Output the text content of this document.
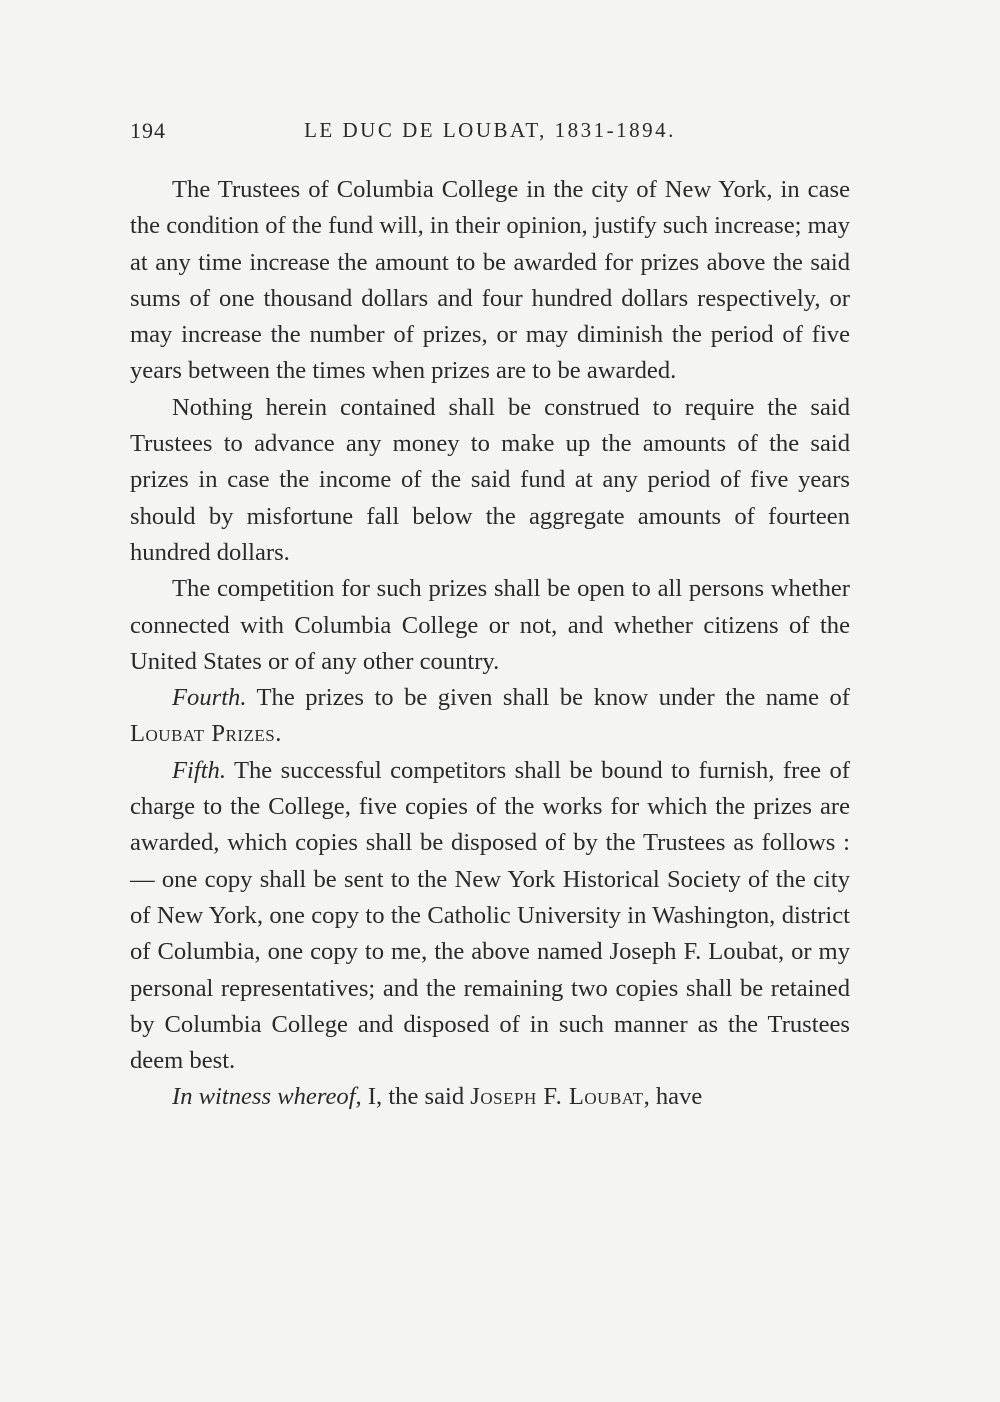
194	LE DUC DE LOUBAT, 1831-1894.

The Trustees of Columbia College in the city of New York, in case the condition of the fund will, in their opinion, justify such increase; may at any time increase the amount to be awarded for prizes above the said sums of one thousand dollars and four hundred dollars respectively, or may increase the number of prizes, or may diminish the period of five years between the times when prizes are to be awarded.

Nothing herein contained shall be construed to require the said Trustees to advance any money to make up the amounts of the said prizes in case the income of the said fund at any period of five years should by misfortune fall below the aggregate amounts of fourteen hundred dollars.

The competition for such prizes shall be open to all persons whether connected with Columbia College or not, and whether citizens of the United States or of any other country.

Fourth. The prizes to be given shall be know under the name of Loubat Prizes.

Fifth. The successful competitors shall be bound to furnish, free of charge to the College, five copies of the works for which the prizes are awarded, which copies shall be disposed of by the Trustees as follows : — one copy shall be sent to the New York Historical Society of the city of New York, one copy to the Catholic University in Washington, district of Columbia, one copy to me, the above named Joseph F. Loubat, or my personal representatives; and the remaining two copies shall be retained by Columbia College and disposed of in such manner as the Trustees deem best.

In witness whereof, I, the said Joseph F. Loubat, have
